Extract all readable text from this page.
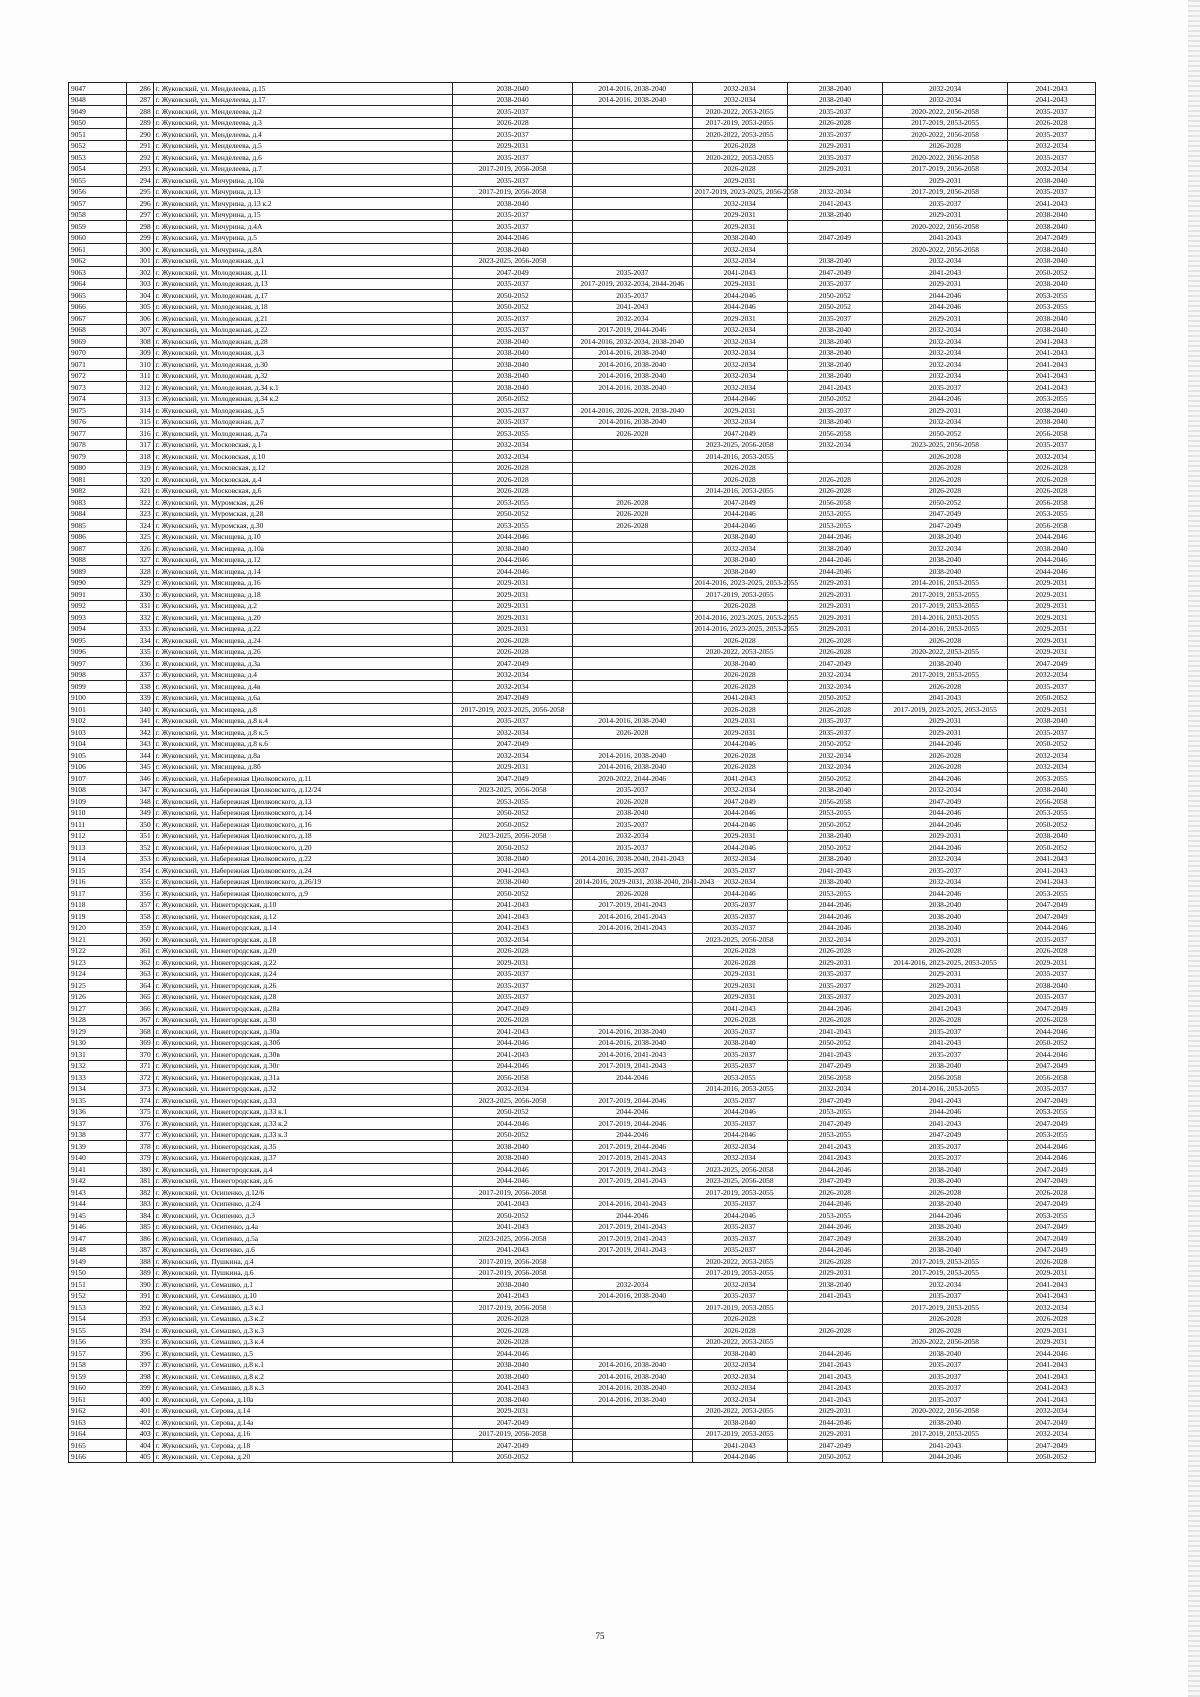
9047	286	г. Жуковский, ул. Менделеева, д.15	2038-2040	2014-2016, 2038-2040	2032-2034	2038-2040	2032-2034	2041-2043
9048	287	г. Жуковский, ул. Менделеева, д.17	2038-2040	2014-2016, 2038-2040	2032-2034	2038-2040	2032-2034	2041-2043
9049	288	г. Жуковский, ул. Менделеева, д.2	2035-2037		2020-2022, 2053-2055	2035-2037	2020-2022, 2056-2058	2035-2037
9050	289	г. Жуковский, ул. Менделеева, д.3	2026-2028		2017-2019, 2053-2055	2026-2028	2017-2019, 2053-2055	2026-2028
9051	290	г. Жуковский, ул. Менделеева, д.4	2035-2037		2020-2022, 2053-2055	2035-2037	2020-2022, 2056-2058	2035-2037
9052	291	г. Жуковский, ул. Менделеева, д.5	2029-2031		2026-2028	2029-2031	2026-2028	2032-2034
9053	292	г. Жуковский, ул. Менделеева, д.6	2035-2037		2020-2022, 2053-2055	2035-2037	2020-2022, 2056-2058	2035-2037
9054	293	г. Жуковский, ул. Менделеева, д.7	2017-2019, 2056-2058		2026-2028	2029-2031	2017-2019, 2056-2058	2032-2034
9055	294	г. Жуковский, ул. Мичурина, д.10а	2035-2037		2029-2031		2029-2031	2038-2040
9056	295	г. Жуковский, ул. Мичурина, д.13	2017-2019, 2056-2058		2017-2019, 2023-2025, 2056-2058	2032-2034	2017-2019, 2056-2058	2035-2037
9057	296	г. Жуковский, ул. Мичурина, д.13 к.2	2038-2040		2032-2034	2041-2043	2035-2037	2041-2043
9058	297	г. Жуковский, ул. Мичурина, д.15	2035-2037		2029-2031	2038-2040	2029-2031	2038-2040
9059	298	г. Жуковский, ул. Мичурина, д.4А	2035-2037		2029-2031		2020-2022, 2056-2058	2038-2040
9060	299	г. Жуковский, ул. Мичурина, д.5	2044-2046		2038-2040	2047-2049	2041-2043	2047-2049
9061	300	г. Жуковский, ул. Мичурина, д.8А	2038-2040		2032-2034		2020-2022, 2056-2058	2038-2040
9062	301	г. Жуковский, ул. Молодежная, д.1	2023-2025, 2056-2058		2032-2034	2038-2040	2032-2034	2038-2040
9063	302	г. Жуковский, ул. Молодежная, д.11	2047-2049	2035-2037	2041-2043	2047-2049	2041-2043	2050-2052
9064	303	г. Жуковский, ул. Молодежная, д.13	2035-2037	2017-2019, 2032-2034, 2044-2046	2029-2031	2035-2037	2029-2031	2038-2040
9065	304	г. Жуковский, ул. Молодежная, д.17	2050-2052	2035-2037	2044-2046	2050-2052	2044-2046	2053-2055
9066	305	г. Жуковский, ул. Молодежная, д.18	2050-2052	2041-2043	2044-2046	2050-2052	2044-2046	2053-2055
9067	306	г. Жуковский, ул. Молодежная, д.21	2035-2037	2032-2034	2029-2031	2035-2037	2029-2031	2038-2040
9068	307	г. Жуковский, ул. Молодежная, д.22	2035-2037	2017-2019, 2044-2046	2032-2034	2038-2040	2032-2034	2038-2040
9069	308	г. Жуковский, ул. Молодежная, д.28	2038-2040	2014-2016, 2032-2034, 2038-2040	2032-2034	2038-2040	2032-2034	2041-2043
9070	309	г. Жуковский, ул. Молодежная, д.3	2038-2040	2014-2016, 2038-2040	2032-2034	2038-2040	2032-2034	2041-2043
9071	310	г. Жуковский, ул. Молодежная, д.30	2038-2040	2014-2016, 2038-2040	2032-2034	2038-2040	2032-2034	2041-2043
9072	311	г. Жуковский, ул. Молодежная, д.32	2038-2040	2014-2016, 2038-2040	2032-2034	2038-2040	2032-2034	2041-2043
9073	312	г. Жуковский, ул. Молодежная, д.34 к.1	2038-2040	2014-2016, 2038-2040	2032-2034	2041-2043	2035-2037	2041-2043
9074	313	г. Жуковский, ул. Молодежная, д.34 к.2	2050-2052		2044-2046	2050-2052	2044-2046	2053-2055
9075	314	г. Жуковский, ул. Молодежная, д.5	2035-2037	2014-2016, 2026-2028, 2038-2040	2029-2031	2035-2037	2029-2031	2038-2040
9076	315	г. Жуковский, ул. Молодежная, д.7	2035-2037	2014-2016, 2038-2040	2032-2034	2038-2040	2032-2034	2038-2040
9077	316	г. Жуковский, ул. Молодежная, д.7а	2053-2055	2026-2028	2047-2049	2056-2058	2050-2052	2056-2058
9078	317	г. Жуковский, ул. Московская, д.1	2032-2034		2023-2025, 2056-2058	2032-2034	2023-2025, 2056-2058	2035-2037
9079	318	г. Жуковский, ул. Московская, д.10	2032-2034		2014-2016, 2053-2055		2026-2028	2032-2034
9080	319	г. Жуковский, ул. Московская, д.12	2026-2028		2026-2028		2026-2028	2026-2028
9081	320	г. Жуковский, ул. Московская, д.4	2026-2028		2026-2028	2026-2028	2026-2028	2026-2028
9082	321	г. Жуковский, ул. Московская, д.6	2026-2028		2014-2016, 2053-2055	2026-2028	2026-2028	2026-2028
9083	322	г. Жуковский, ул. Муромская, д.26	2053-2055	2026-2028	2047-2049	2056-2058	2050-2052	2056-2058
9084	323	г. Жуковский, ул. Муромская, д.28	2050-2052	2026-2028	2044-2046	2053-2055	2047-2049	2053-2055
9085	324	г. Жуковский, ул. Муромская, д.30	2053-2055	2026-2028	2044-2046	2053-2055	2047-2049	2056-2058
9086	325	г. Жуковский, ул. Мясищева, д.10	2044-2046		2038-2040	2044-2046	2038-2040	2044-2046
9087	326	г. Жуковский, ул. Мясищева, д.10а	2038-2040		2032-2034	2038-2040	2032-2034	2038-2040
9088	327	г. Жуковский, ул. Мясищева, д.12	2044-2046		2038-2040	2044-2046	2038-2040	2044-2046
9089	328	г. Жуковский, ул. Мясищева, д.14	2044-2046		2038-2040	2044-2046	2038-2040	2044-2046
9090	329	г. Жуковский, ул. Мясищева, д.16	2029-2031		2014-2016, 2023-2025, 2053-2055	2029-2031	2014-2016, 2053-2055	2029-2031
9091	330	г. Жуковский, ул. Мясищева, д.18	2029-2031		2017-2019, 2053-2055	2029-2031	2017-2019, 2053-2055	2029-2031
9092	331	г. Жуковский, ул. Мясищева, д.2	2029-2031		2026-2028	2029-2031	2017-2019, 2053-2055	2029-2031
9093	332	г. Жуковский, ул. Мясищева, д.20	2029-2031		2014-2016, 2023-2025, 2053-2055	2029-2031	2014-2016, 2053-2055	2029-2031
9094	333	г. Жуковский, ул. Мясищева, д.22	2029-2031		2014-2016, 2023-2025, 2053-2055	2029-2031	2014-2016, 2053-2055	2029-2031
9095	334	г. Жуковский, ул. Мясищева, д.24	2026-2028		2026-2028	2026-2028	2026-2028	2029-2031
9096	335	г. Жуковский, ул. Мясищева, д.26	2026-2028		2020-2022, 2053-2055	2026-2028	2020-2022, 2053-2055	2029-2031
9097	336	г. Жуковский, ул. Мясищева, д.3а	2047-2049		2038-2040	2047-2049	2038-2040	2047-2049
9098	337	г. Жуковский, ул. Мясищева, д.4	2032-2034		2026-2028	2032-2034	2017-2019, 2053-2055	2032-2034
9099	338	г. Жуковский, ул. Мясищева, д.4в	2032-2034		2026-2028	2032-2034	2026-2028	2035-2037
9100	339	г. Жуковский, ул. Мясищева, д.6а	2047-2049		2041-2043	2050-2052	2041-2043	2050-2052
9101	340	г. Жуковский, ул. Мясищева, д.8	2017-2019, 2023-2025, 2056-2058		2026-2028	2026-2028	2017-2019, 2023-2025, 2053-2055	2029-2031
9102	341	г. Жуковский, ул. Мясищева, д.8 к.4	2035-2037	2014-2016, 2038-2040	2029-2031	2035-2037	2029-2031	2038-2040
9103	342	г. Жуковский, ул. Мясищева, д.8 к.5	2032-2034	2026-2028	2029-2031	2035-2037	2029-2031	2035-2037
9104	343	г. Жуковский, ул. Мясищева, д.8 к.6	2047-2049		2044-2046	2050-2052	2044-2046	2050-2052
9105	344	г. Жуковский, ул. Мясищева, д.8а	2032-2034	2014-2016, 2038-2040	2026-2028	2032-2034	2026-2028	2032-2034
9106	345	г. Жуковский, ул. Мясищева, д.8б	2029-2031	2014-2016, 2038-2040	2026-2028	2032-2034	2026-2028	2032-2034
9107	346	г. Жуковский, ул. Набережная Циолковского, д.11	2047-2049	2020-2022, 2044-2046	2041-2043	2050-2052	2044-2046	2053-2055
9108	347	г. Жуковский, ул. Набережная Циолковского, д.12/24	2023-2025, 2056-2058	2035-2037	2032-2034	2038-2040	2032-2034	2038-2040
9109	348	г. Жуковский, ул. Набережная Циолковского, д.13	2053-2055	2026-2028	2047-2049	2056-2058	2047-2049	2056-2058
9110	349	г. Жуковский, ул. Набережная Циолковского, д.14	2050-2052	2038-2040	2044-2046	2053-2055	2044-2046	2053-2055
9111	350	г. Жуковский, ул. Набережная Циолковского, д.16	2050-2052	2035-2037	2044-2046	2050-2052	2044-2046	2050-2052
9112	351	г. Жуковский, ул. Набережная Циолковского, д.18	2023-2025, 2056-2058	2032-2034	2029-2031	2038-2040	2029-2031	2038-2040
9113	352	г. Жуковский, ул. Набережная Циолковского, д.20	2050-2052	2035-2037	2044-2046	2050-2052	2044-2046	2050-2052
9114	353	г. Жуковский, ул. Набережная Циолковского, д.22	2038-2040	2014-2016, 2038-2040, 2041-2043	2032-2034	2038-2040	2032-2034	2041-2043
9115	354	г. Жуковский, ул. Набережная Циолковского, д.24	2041-2043	2035-2037	2035-2037	2041-2043	2035-2037	2041-2043
9116	355	г. Жуковский, ул. Набережная Циолковского, д.26/19	2038-2040	2014-2016, 2029-2031, 2038-2040, 2041-2043	2032-2034	2038-2040	2032-2034	2041-2043
9117	356	г. Жуковский, ул. Набережная Циолковского, д.9	2050-2052	2026-2028	2044-2046	2053-2055	2044-2046	2053-2055
9118	357	г. Жуковский, ул. Нижегородская, д.10	2041-2043	2017-2019, 2041-2043	2035-2037	2044-2046	2038-2040	2047-2049
9119	358	г. Жуковский, ул. Нижегородская, д.12	2041-2043	2014-2016, 2041-2043	2035-2037	2044-2046	2038-2040	2047-2049
9120	359	г. Жуковский, ул. Нижегородская, д.14	2041-2043	2014-2016, 2041-2043	2035-2037	2044-2046	2038-2040	2044-2046
9121	360	г. Жуковский, ул. Нижегородская, д.18	2032-2034		2023-2025, 2056-2058	2032-2034	2029-2031	2035-2037
9122	361	г. Жуковский, ул. Нижегородская, д.20	2026-2028		2026-2028	2026-2028	2026-2028	2026-2028
9123	362	г. Жуковский, ул. Нижегородская, д.22	2029-2031		2026-2028	2029-2031	2014-2016, 2023-2025, 2053-2055	2029-2031
9124	363	г. Жуковский, ул. Нижегородская, д.24	2035-2037		2029-2031	2035-2037	2029-2031	2035-2037
9125	364	г. Жуковский, ул. Нижегородская, д.26	2035-2037		2029-2031	2035-2037	2029-2031	2038-2040
9126	365	г. Жуковский, ул. Нижегородская, д.28	2035-2037		2029-2031	2035-2037	2029-2031	2035-2037
9127	366	г. Жуковский, ул. Нижегородская, д.28а	2047-2049		2041-2043	2044-2046	2041-2043	2047-2049
9128	367	г. Жуковский, ул. Нижегородская, д.30	2026-2028		2026-2028	2026-2028	2026-2028	2026-2028
9129	368	г. Жуковский, ул. Нижегородская, д.30а	2041-2043	2014-2016, 2038-2040	2035-2037	2041-2043	2035-2037	2044-2046
9130	369	г. Жуковский, ул. Нижегородская, д.30б	2044-2046	2014-2016, 2038-2040	2038-2040	2050-2052	2041-2043	2050-2052
9131	370	г. Жуковский, ул. Нижегородская, д.30в	2041-2043	2014-2016, 2041-2043	2035-2037	2041-2043	2035-2037	2044-2046
9132	371	г. Жуковский, ул. Нижегородская, д.30г	2044-2046	2017-2019, 2041-2043	2035-2037	2047-2049	2038-2040	2047-2049
9133	372	г. Жуковский, ул. Нижегородская, д.31а	2056-2058	2044-2046	2053-2055	2056-2058	2056-2058	2056-2058
9134	373	г. Жуковский, ул. Нижегородская, д.32	2032-2034		2014-2016, 2053-2055	2032-2034	2014-2016, 2053-2055	2035-2037
9135	374	г. Жуковский, ул. Нижегородская, д.33	2023-2025, 2056-2058	2017-2019, 2044-2046	2035-2037	2047-2049	2041-2043	2047-2049
9136	375	г. Жуковский, ул. Нижегородская, д.33 к.1	2050-2052	2044-2046	2044-2046	2053-2055	2044-2046	2053-2055
9137	376	г. Жуковский, ул. Нижегородская, д.33 к.2	2044-2046	2017-2019, 2044-2046	2035-2037	2047-2049	2041-2043	2047-2049
9138	377	г. Жуковский, ул. Нижегородская, д.33 к.3	2050-2052	2044-2046	2044-2046	2053-2055	2047-2049	2053-2055
9139	378	г. Жуковский, ул. Нижегородская, д.35	2038-2040	2017-2019, 2044-2046	2032-2034	2041-2043	2035-2037	2044-2046
9140	379	г. Жуковский, ул. Нижегородская, д.37	2038-2040	2017-2019, 2041-2043	2032-2034	2041-2043	2035-2037	2044-2046
9141	380	г. Жуковский, ул. Нижегородская, д.4	2044-2046	2017-2019, 2041-2043	2023-2025, 2056-2058	2044-2046	2038-2040	2047-2049
9142	381	г. Жуковский, ул. Нижегородская, д.6	2044-2046	2017-2019, 2041-2043	2023-2025, 2056-2058	2047-2049	2038-2040	2047-2049
9143	382	г. Жуковский, ул. Осипенко, д.12/6	2017-2019, 2056-2058		2017-2019, 2053-2055	2026-2028	2026-2028	2026-2028
9144	383	г. Жуковский, ул. Осипенко, д.2/4	2041-2043	2014-2016, 2041-2043	2035-2037	2044-2046	2038-2040	2047-2049
9145	384	г. Жуковский, ул. Осипенко, д.3	2050-2052	2044-2046	2044-2046	2053-2055	2044-2046	2053-2055
9146	385	г. Жуковский, ул. Осипенко, д.4а	2041-2043	2017-2019, 2041-2043	2035-2037	2044-2046	2038-2040	2047-2049
9147	386	г. Жуковский, ул. Осипенко, д.5а	2023-2025, 2056-2058	2017-2019, 2041-2043	2035-2037	2047-2049	2038-2040	2047-2049
9148	387	г. Жуковский, ул. Осипенко, д.6	2041-2043	2017-2019, 2041-2043	2035-2037	2044-2046	2038-2040	2047-2049
9149	388	г. Жуковский, ул. Пушкина, д.4	2017-2019, 2056-2058		2020-2022, 2053-2055	2026-2028	2017-2019, 2053-2055	2026-2028
9150	389	г. Жуковский, ул. Пушкина, д.6	2017-2019, 2056-2058		2017-2019, 2053-2055	2029-2031	2017-2019, 2053-2055	2029-2031
9151	390	г. Жуковский, ул. Семашко, д.1	2038-2040	2032-2034	2032-2034	2038-2040	2032-2034	2041-2043
9152	391	г. Жуковский, ул. Семашко, д.10	2041-2043	2014-2016, 2038-2040	2035-2037	2041-2043	2035-2037	2041-2043
9153	392	г. Жуковский, ул. Семашко, д.3 к.1	2017-2019, 2056-2058		2017-2019, 2053-2055		2017-2019, 2053-2055	2032-2034
9154	393	г. Жуковский, ул. Семашко, д.3 к.2	2026-2028		2026-2028		2026-2028	2026-2028
9155	394	г. Жуковский, ул. Семашко, д.3 к.3	2026-2028		2026-2028	2026-2028	2026-2028	2029-2031
9156	395	г. Жуковский, ул. Семашко, д.3 к.4	2026-2028		2020-2022, 2053-2055		2020-2022, 2056-2058	2029-2031
9157	396	г. Жуковский, ул. Семашко, д.5	2044-2046		2038-2040	2044-2046	2038-2040	2044-2046
9158	397	г. Жуковский, ул. Семашко, д.8 к.1	2038-2040	2014-2016, 2038-2040	2032-2034	2041-2043	2035-2037	2041-2043
9159	398	г. Жуковский, ул. Семашко, д.8 к.2	2038-2040	2014-2016, 2038-2040	2032-2034	2041-2043	2035-2037	2041-2043
9160	399	г. Жуковский, ул. Семашко, д.8 к.3	2041-2043	2014-2016, 2038-2040	2032-2034	2041-2043	2035-2037	2041-2043
9161	400	г. Жуковский, ул. Серова, д.10а	2038-2040	2014-2016, 2038-2040	2032-2034	2041-2043	2035-2037	2041-2043
9162	401	г. Жуковский, ул. Серова, д.14	2029-2031		2020-2022, 2053-2055	2029-2031	2020-2022, 2056-2058	2032-2034
9163	402	г. Жуковский, ул. Серова, д.14а	2047-2049		2038-2040	2044-2046	2038-2040	2047-2049
9164	403	г. Жуковский, ул. Серова, д.16	2017-2019, 2056-2058		2017-2019, 2053-2055	2029-2031	2017-2019, 2053-2055	2032-2034
9165	404	г. Жуковский, ул. Серова, д.18	2047-2049		2041-2043	2047-2049	2041-2043	2047-2049
9166	405	г. Жуковский, ул. Серова, д.20	2050-2052		2044-2046	2050-2052	2044-2046	2050-2052
75
